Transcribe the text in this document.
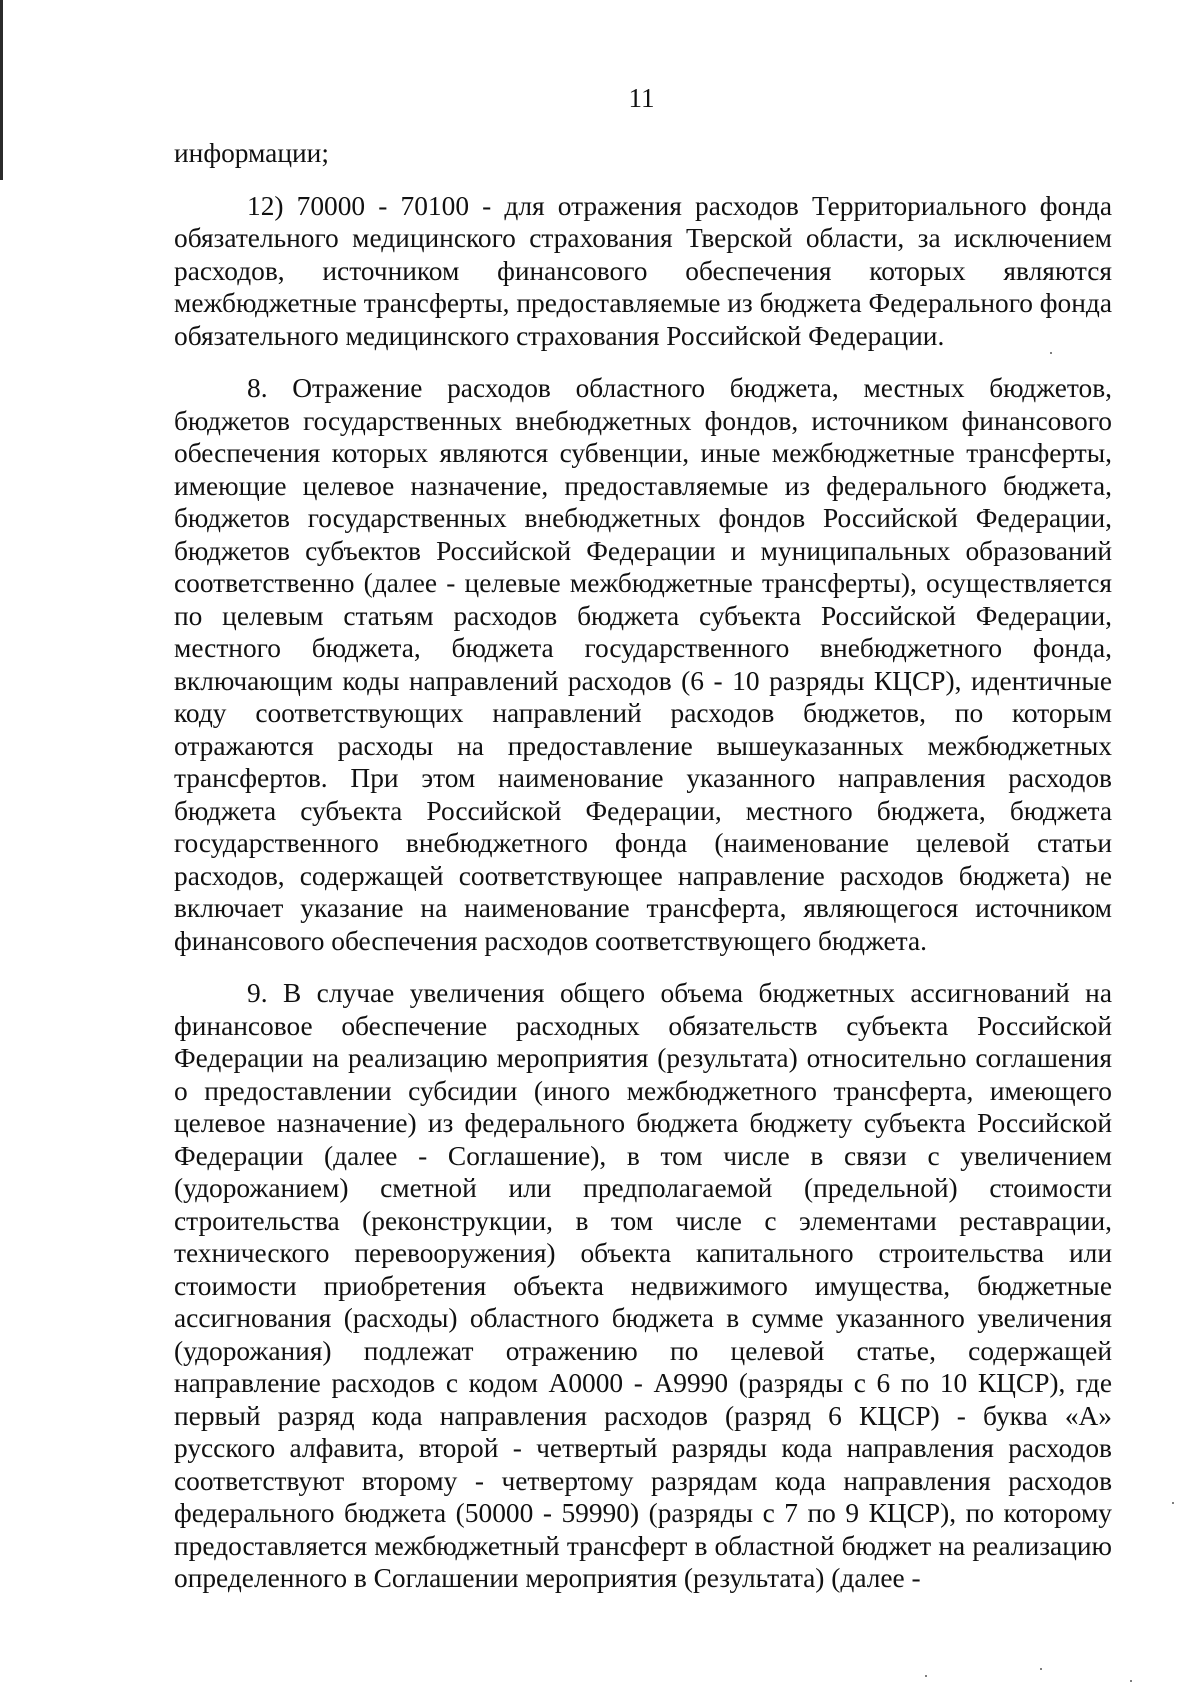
11

информации;

12) 70000 - 70100 - для отражения расходов Территориального фонда обязательного медицинского страхования Тверской области, за исключением расходов, источником финансового обеспечения которых являются межбюджетные трансферты, предоставляемые из бюджета Федерального фонда обязательного медицинского страхования Российской Федерации.

8. Отражение расходов областного бюджета, местных бюджетов, бюджетов государственных внебюджетных фондов, источником финансового обеспечения которых являются субвенции, иные межбюджетные трансферты, имеющие целевое назначение, предоставляемые из федерального бюджета, бюджетов государственных внебюджетных фондов Российской Федерации, бюджетов субъектов Российской Федерации и муниципальных образований соответственно (далее - целевые межбюджетные трансферты), осуществляется по целевым статьям расходов бюджета субъекта Российской Федерации, местного бюджета, бюджета государственного внебюджетного фонда, включающим коды направлений расходов (6 - 10 разряды КЦСР), идентичные коду соответствующих направлений расходов бюджетов, по которым отражаются расходы на предоставление вышеуказанных межбюджетных трансфертов. При этом наименование указанного направления расходов бюджета субъекта Российской Федерации, местного бюджета, бюджета государственного внебюджетного фонда (наименование целевой статьи расходов, содержащей соответствующее направление расходов бюджета) не включает указание на наименование трансферта, являющегося источником финансового обеспечения расходов соответствующего бюджета.

9. В случае увеличения общего объема бюджетных ассигнований на финансовое обеспечение расходных обязательств субъекта Российской Федерации на реализацию мероприятия (результата) относительно соглашения о предоставлении субсидии (иного межбюджетного трансферта, имеющего целевое назначение) из федерального бюджета бюджету субъекта Российской Федерации (далее - Соглашение), в том числе в связи с увеличением (удорожанием) сметной или предполагаемой (предельной) стоимости строительства (реконструкции, в том числе с элементами реставрации, технического перевооружения) объекта капитального строительства или стоимости приобретения объекта недвижимого имущества, бюджетные ассигнования (расходы) областного бюджета в сумме указанного увеличения (удорожания) подлежат отражению по целевой статье, содержащей направление расходов с кодом А0000 - А9990 (разряды с 6 по 10 КЦСР), где первый разряд кода направления расходов (разряд 6 КЦСР) - буква «А» русского алфавита, второй - четвертый разряды кода направления расходов соответствуют второму - четвертому разрядам кода направления расходов федерального бюджета (50000 - 59990) (разряды с 7 по 9 КЦСР), по которому предоставляется межбюджетный трансферт в областной бюджет на реализацию определенного в Соглашении мероприятия (результата) (далее -
